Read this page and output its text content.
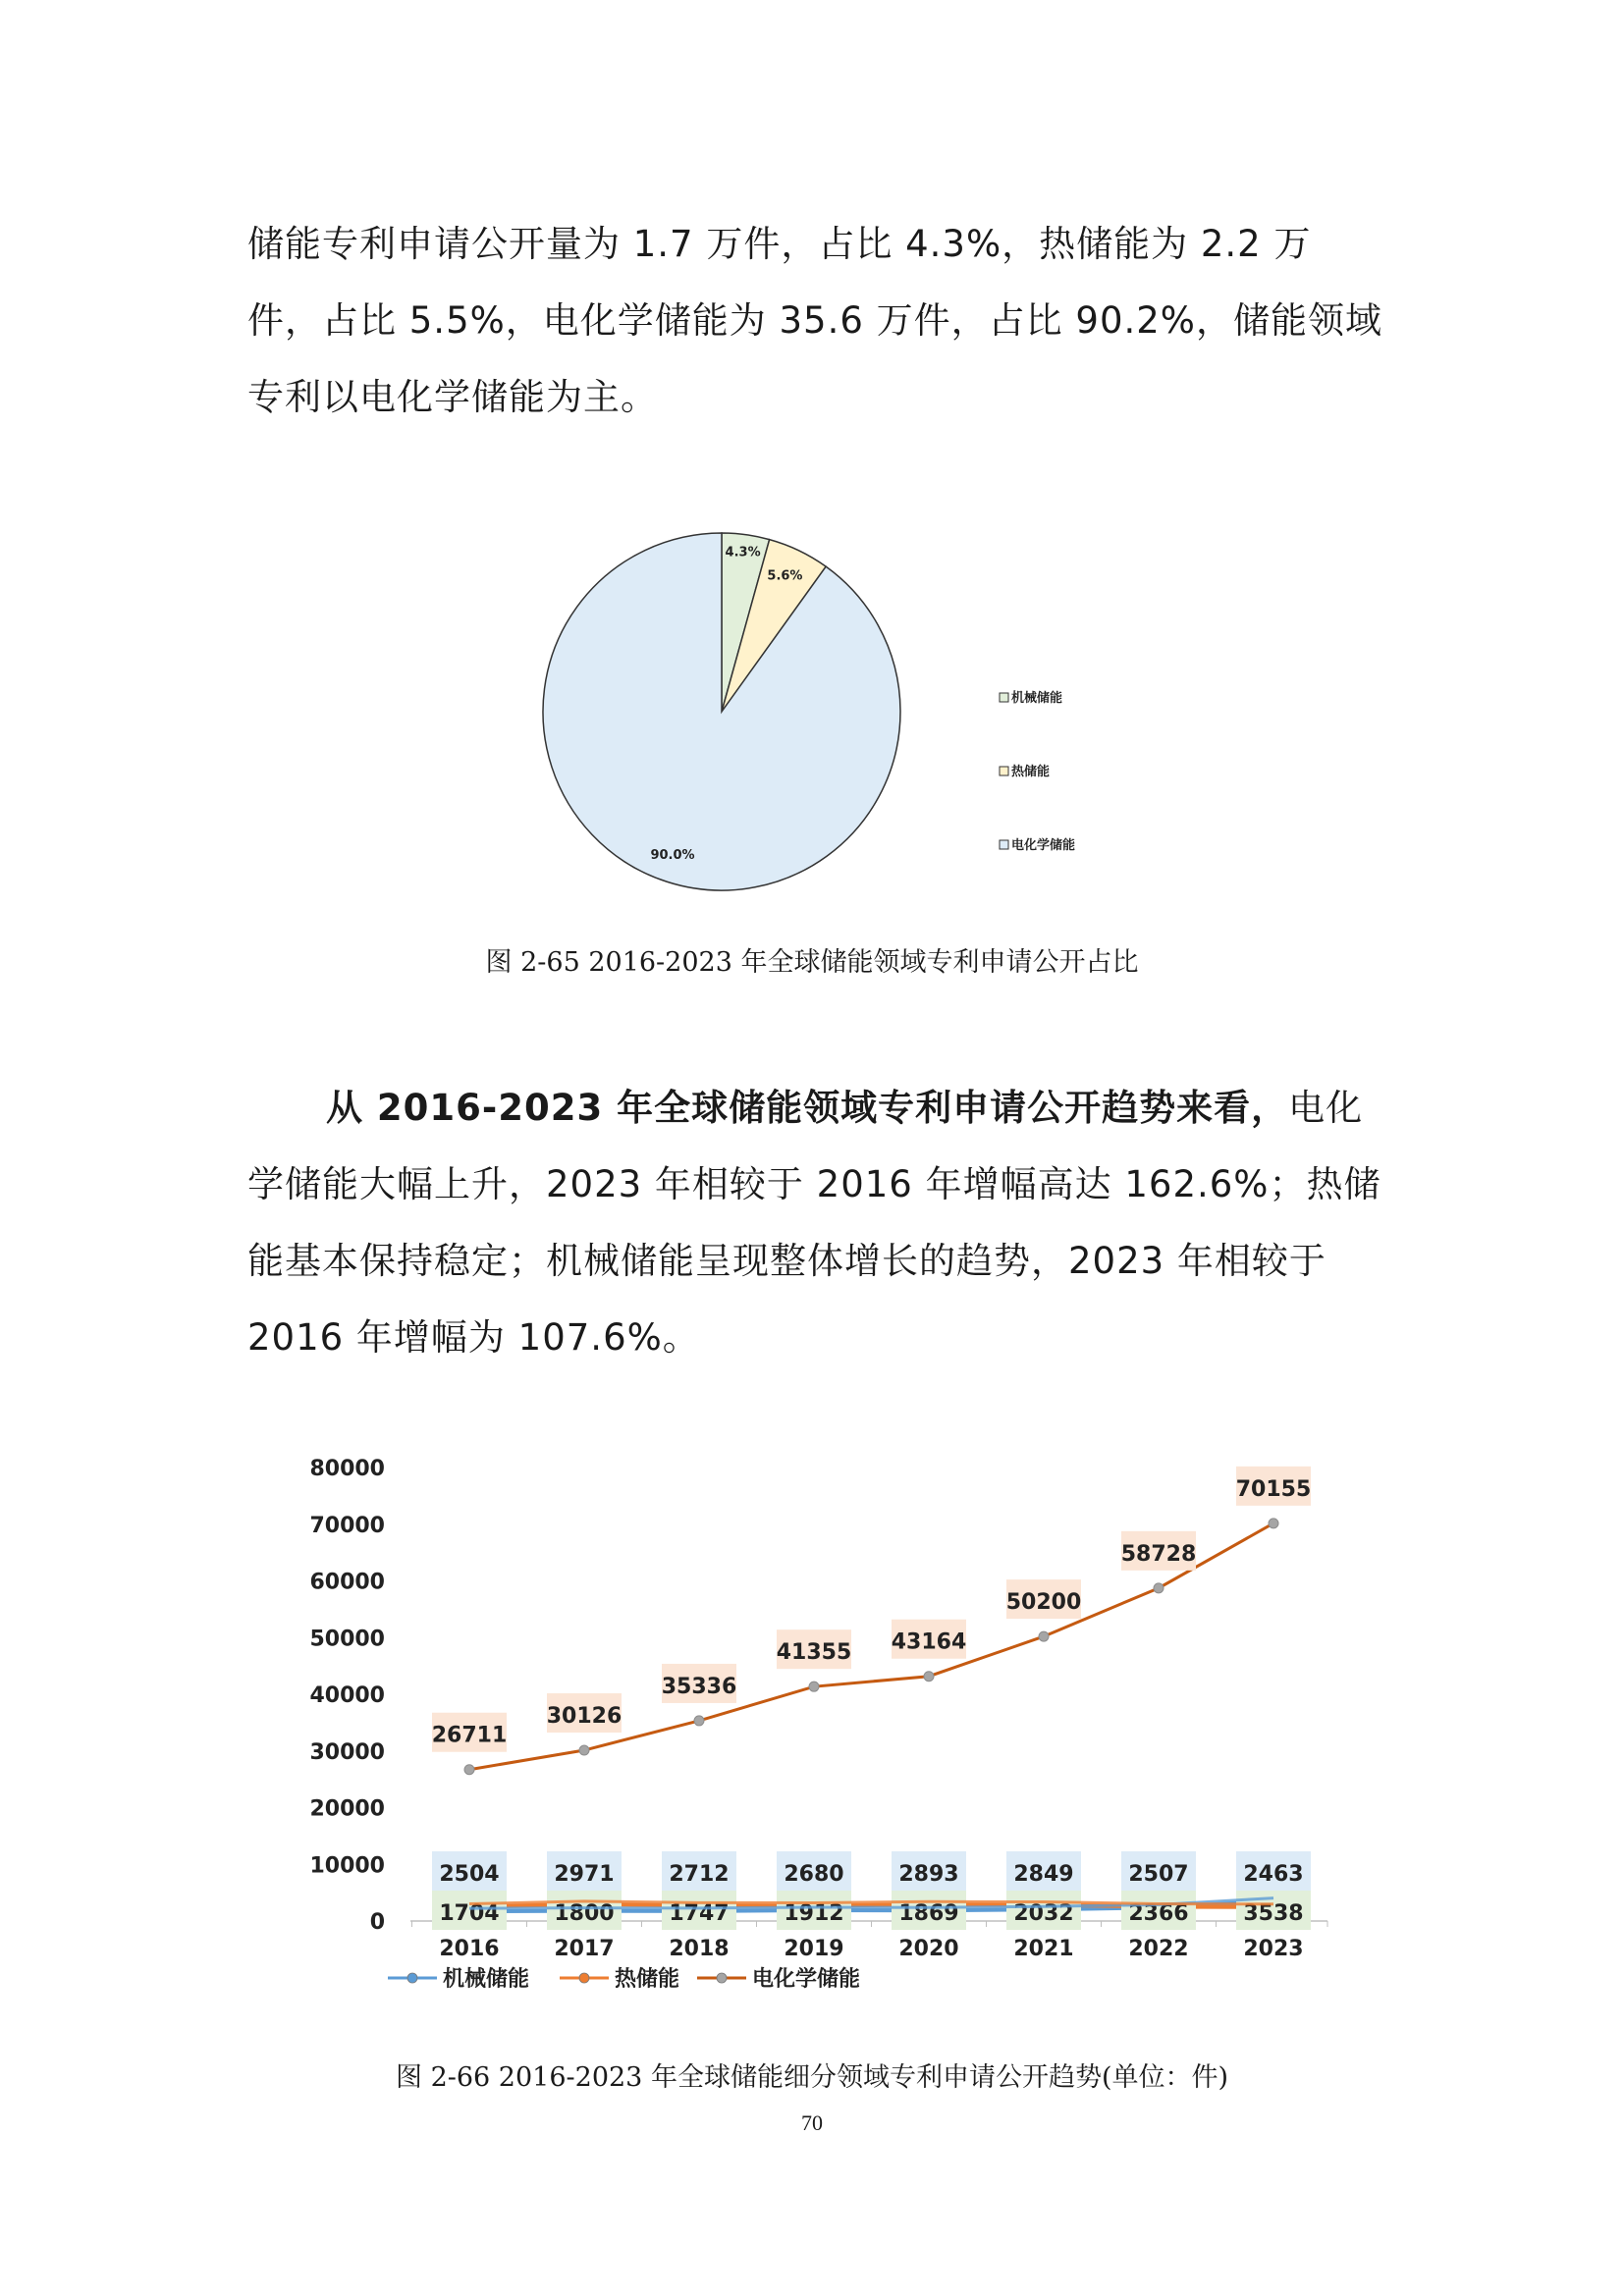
储能专利申请公开量为 1.7 万件，占比 4.3%，热储能为 2.2 万件，占比 5.5%，电化学储能为 35.6 万件，占比 90.2%，储能领域专利以电化学储能为主。

4.3%
5.6%
90.0%
机械储能
热储能
电化学储能
图 2-65 2016-2023 年全球储能领域专利申请公开占比

从 2016-2023 年全球储能领域专利申请公开趋势来看，电化学储能大幅上升，2023 年相较于 2016 年增幅高达 162.6%；热储能基本保持稳定；机械储能呈现整体增长的趋势，2023 年相较于 2016 年增幅为 107.6%。

0
10000
20000
30000
40000
50000
60000
70000
80000
2016	2017	2018	2019	2020	2021	2022	2023
1704
2504
1800
2971
1747
2712
1912
2680
1869
2893
2032
2849
2366
2507
3538
2463
26711
30126
35336
41355 43164
50200
58728
70155
机械储能	热储能	电化学储能
图 2-66 2016-2023 年全球储能细分领域专利申请公开趋势(单位：件)
70
